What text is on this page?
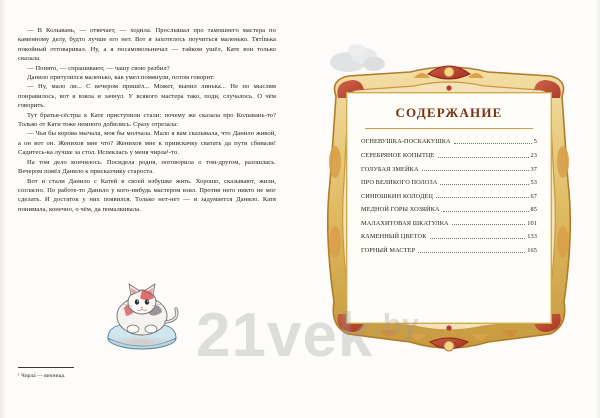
— В Колывань, — отвечает, — ходила. Прослышал про тамошнего мастера по каменному делу, будто лучше его нет. Вот я захотелось поучиться маленько. Тятînька покойный отговаривал. Ну, а я посамовольничал — тайком ушёл, Кате вон только сказала.

— Понято, — спрашивают, — чашу свою разбил?

Данило притулился маленько, как умел помянули, потом говорит:

— Ну, мало ли... С вечером пришёл... Может, выпил линька... Не по мыслям понравилось, вот я взяла и зачнул. У всякого мастера тако, поди, случалось. О чём говорить.

Тут братья-сёстры к Кате приступили стали: почему же сказала про Колывань-то? Только от Кати тоже немного добились. Сразу отрезала:

— Чья бы корова мычала, моя бы молчала. Мало я вам сказывала, что Данило живой, а он вот он. Женихов мне что? Женихов мне к приискачку сватать да пути сбивали! Садитесь-ка лучше за стол. Испекласъ у меня чирла¹-то.

На том дело кончилось. Посидела родня, поговорила о том-другом, разошлась. Вечером повёл Данило к присказчику староста.

Вот и стали Данило с Катей в своей избушке жить. Хорошо, сказывают, жили, согласно. По работе-то Данило у кого-нибудь мастером взял. Против него никто не мог сделать. И достаток у них появился. Только нет-нет — и задумается Данило. Катя понимала, конечно, о чём, да помалкивала.

¹ Чирла́ — яичница.
СОДЕРЖАНИЕ
ОГНЕВУШКА-ПОСКАКУШКА	5
СЕРЕБРЯНОЕ КОПЫТЦЕ	23
ГОЛУБАЯ ЗМЕЙКА	37
ПРО ВЕЛИКОГО ПОЛОЗА	53
СИНЮШКИН КОЛОДЕЦ	67
МЕДНОЙ ГОРЫ ХОЗЯЙКА	85
МАЛАХИТОВАЯ ШКАТУЛКА	101
КАМЕННЫЙ ЦВЕТОК	133
ГОРНЫЙ МАСТЕР	165
21vek$^{.by}$
